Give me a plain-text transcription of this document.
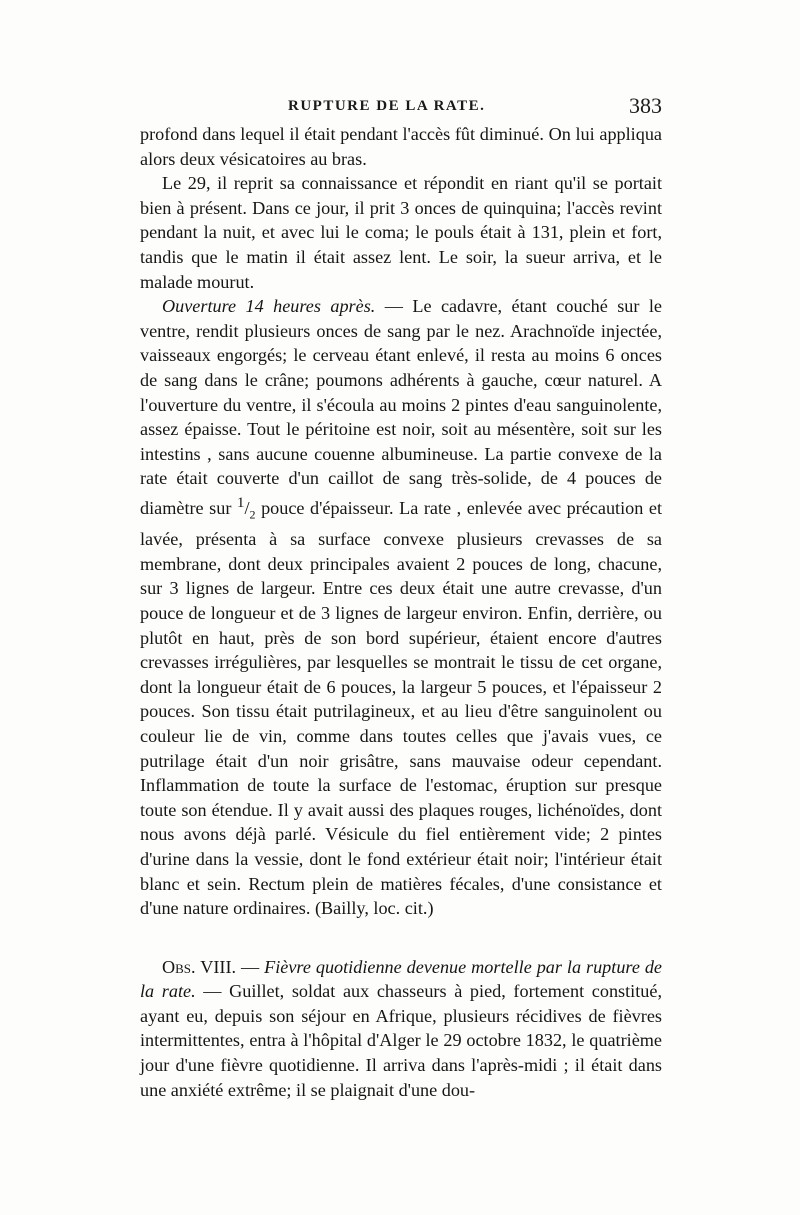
RUPTURE DE LA RATE.	383

profond dans lequel il était pendant l'accès fût diminué. On lui appliqua alors deux vésicatoires au bras.

Le 29, il reprit sa connaissance et répondit en riant qu'il se portait bien à présent. Dans ce jour, il prit 3 onces de quinquina; l'accès revint pendant la nuit, et avec lui le coma; le pouls était à 131, plein et fort, tandis que le matin il était assez lent. Le soir, la sueur arriva, et le malade mourut.

Ouverture 14 heures après. — Le cadavre, étant couché sur le ventre, rendit plusieurs onces de sang par le nez. Arachnoïde injectée, vaisseaux engorgés; le cerveau étant enlevé, il resta au moins 6 onces de sang dans le crâne; poumons adhérents à gauche, cœur naturel. A l'ouverture du ventre, il s'écoula au moins 2 pintes d'eau sanguinolente, assez épaisse. Tout le péritoine est noir, soit au mésentère, soit sur les intestins , sans aucune couenne albumineuse. La partie convexe de la rate était couverte d'un caillot de sang très-solide, de 4 pouces de diamètre sur $^1/_2$ pouce d'épaisseur. La rate , enlevée avec précaution et lavée, présenta à sa surface convexe plusieurs crevasses de sa membrane, dont deux principales avaient 2 pouces de long, chacune, sur 3 lignes de largeur. Entre ces deux était une autre crevasse, d'un pouce de longueur et de 3 lignes de largeur environ. Enfin, derrière, ou plutôt en haut, près de son bord supérieur, étaient encore d'autres crevasses irrégulières, par lesquelles se montrait le tissu de cet organe, dont la longueur était de 6 pouces, la largeur 5 pouces, et l'épaisseur 2 pouces. Son tissu était putrilagineux, et au lieu d'être sanguinolent ou couleur lie de vin, comme dans toutes celles que j'avais vues, ce putrilage était d'un noir grisâtre, sans mauvaise odeur cependant. Inflammation de toute la surface de l'estomac, éruption sur presque toute son étendue. Il y avait aussi des plaques rouges, lichénoïdes, dont nous avons déjà parlé. Vésicule du fiel entièrement vide; 2 pintes d'urine dans la vessie, dont le fond extérieur était noir; l'intérieur était blanc et sein. Rectum plein de matières fécales, d'une consistance et d'une nature ordinaires. (Bailly, loc. cit.)

Obs. VIII. — Fièvre quotidienne devenue mortelle par la rupture de la rate. — Guillet, soldat aux chasseurs à pied, fortement constitué, ayant eu, depuis son séjour en Afrique, plusieurs récidives de fièvres intermittentes, entra à l'hôpital d'Alger le 29 octobre 1832, le quatrième jour d'une fièvre quotidienne. Il arriva dans l'après-midi ; il était dans une anxiété extrême; il se plaignait d'une dou-
